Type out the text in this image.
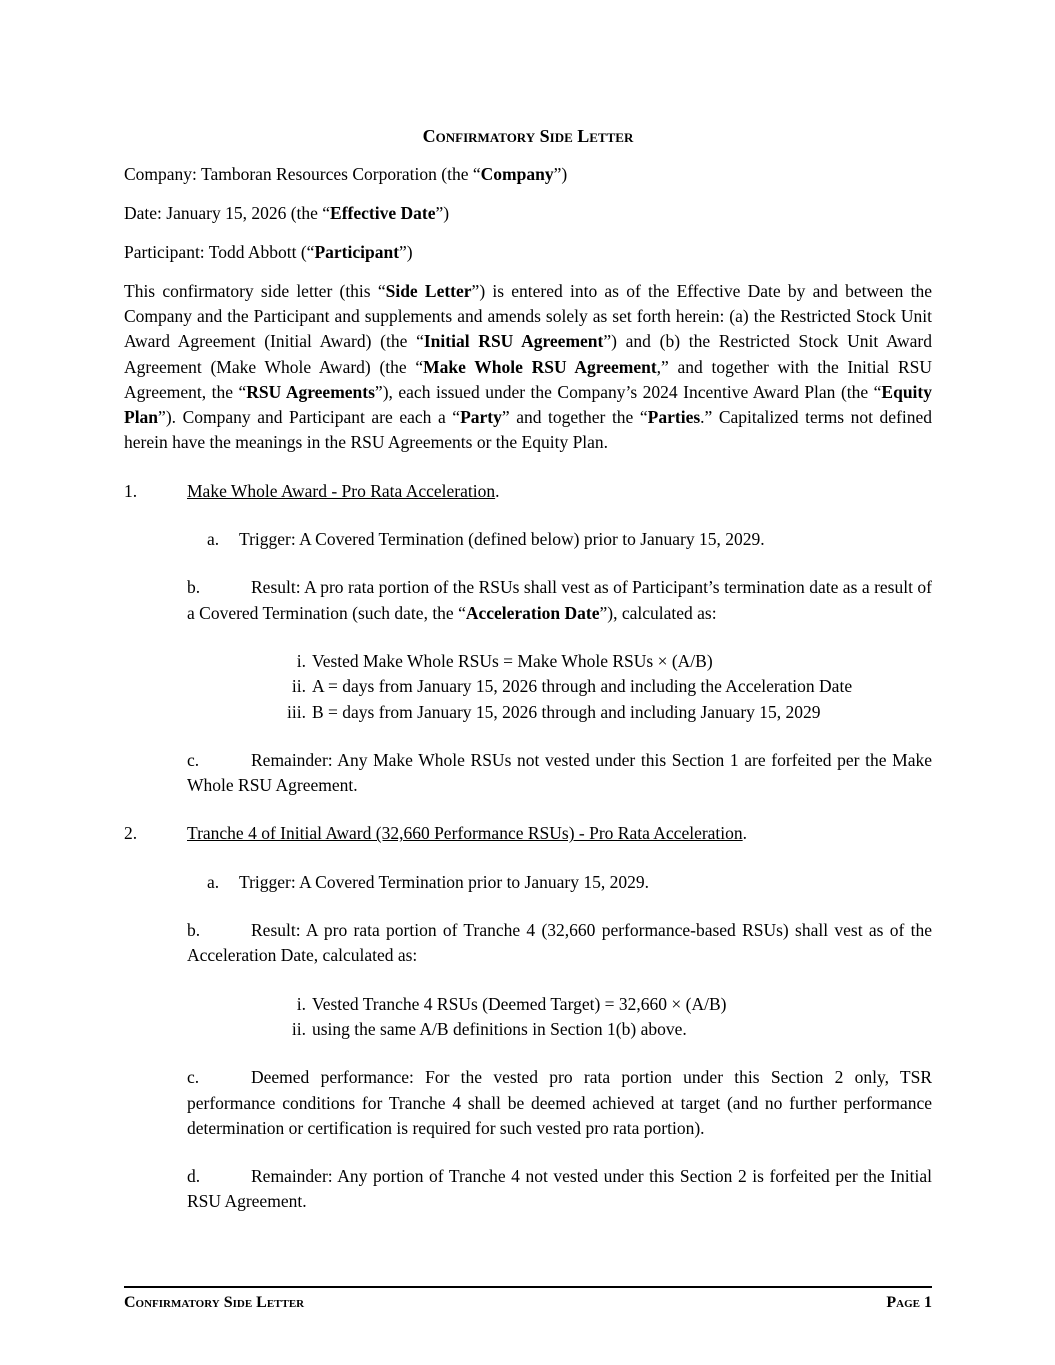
Confirmatory Side Letter

Company: Tamboran Resources Corporation (the “Company”)

Date: January 15, 2026 (the “Effective Date”)

Participant: Todd Abbott (“Participant”)

This confirmatory side letter (this “Side Letter”) is entered into as of the Effective Date by and between the Company and the Participant and supplements and amends solely as set forth herein: (a) the Restricted Stock Unit Award Agreement (Initial Award) (the “Initial RSU Agreement”) and (b) the Restricted Stock Unit Award Agreement (Make Whole Award) (the “Make Whole RSU Agreement,” and together with the Initial RSU Agreement, the “RSU Agreements”), each issued under the Company’s 2024 Incentive Award Plan (the “Equity Plan”). Company and Participant are each a “Party” and together the “Parties.” Capitalized terms not defined herein have the meanings in the RSU Agreements or the Equity Plan.

1.	Make Whole Award - Pro Rata Acceleration.

a. Trigger: A Covered Termination (defined below) prior to January 15, 2029.

b.	Result: A pro rata portion of the RSUs shall vest as of Participant’s termination date as a result of a Covered Termination (such date, the “Acceleration Date”), calculated as:

i. Vested Make Whole RSUs = Make Whole RSUs × (A/B)

ii. A = days from January 15, 2026 through and including the Acceleration Date

iii. B = days from January 15, 2026 through and including January 15, 2029

c.	Remainder: Any Make Whole RSUs not vested under this Section 1 are forfeited per the Make Whole RSU Agreement.

2.	Tranche 4 of Initial Award (32,660 Performance RSUs) - Pro Rata Acceleration.

a. Trigger: A Covered Termination prior to January 15, 2029.

b.	Result: A pro rata portion of Tranche 4 (32,660 performance-based RSUs) shall vest as of the Acceleration Date, calculated as:

i. Vested Tranche 4 RSUs (Deemed Target) = 32,660 × (A/B)

ii. using the same A/B definitions in Section 1(b) above.

c.	Deemed performance: For the vested pro rata portion under this Section 2 only, TSR performance conditions for Tranche 4 shall be deemed achieved at target (and no further performance determination or certification is required for such vested pro rata portion).

d.	Remainder: Any portion of Tranche 4 not vested under this Section 2 is forfeited per the Initial RSU Agreement.

Confirmatory Side Letter	Page 1
